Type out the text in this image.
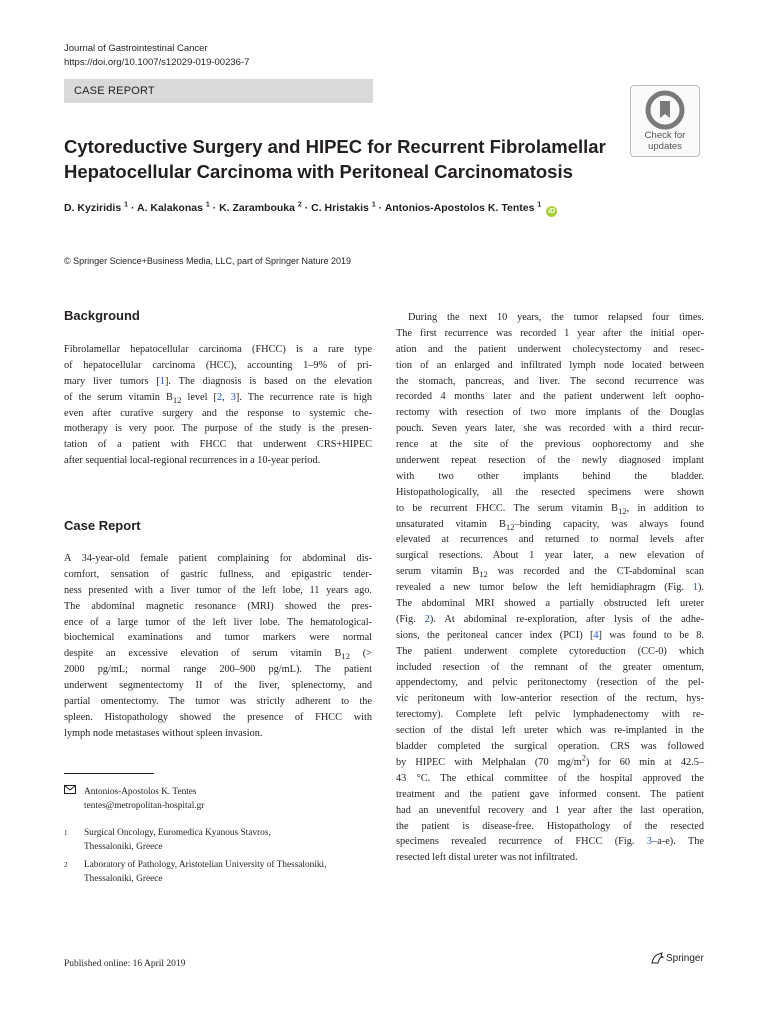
Journal of Gastrointestinal Cancer
https://doi.org/10.1007/s12029-019-00236-7
CASE REPORT
Check for
updates
Cytoreductive Surgery and HIPEC for Recurrent Fibrolamellar
Hepatocellular Carcinoma with Peritoneal Carcinomatosis
D. Kyziridis $^1$ · A. Kalakonas $^1$ · K. Zarambouka $^2$ · C. Hristakis $^1$ · Antonios-Apostolos K. Tentes $^1$ iD
© Springer Science+Business Media, LLC, part of Springer Nature 2019
Background
Fibrolamellar hepatocellular carcinoma (FHCC) is a rare type
of hepatocellular carcinoma (HCC), accounting 1–9% of pri-
mary liver tumors [1]. The diagnosis is based on the elevation
of the serum vitamin $B_{12}$ level [2, 3]. The recurrence rate is high
even after curative surgery and the response to systemic che-
motherapy is very poor. The purpose of the study is the presen-
tation of a patient with FHCC that underwent CRS+HIPEC
after sequential local-regional recurrences in a 10-year period.
Case Report
A 34-year-old female patient complaining for abdominal dis-
comfort, sensation of gastric fullness, and epigastric tender-
ness presented with a liver tumor of the left lobe, 11 years ago.
The abdominal magnetic resonance (MRI) showed the pres-
ence of a large tumor of the left liver lobe. The hematological-
biochemical examinations and tumor markers were normal
despite an excessive elevation of serum vitamin $B_{12}$ (>
2000 pg/mL; normal range 200–900 pg/mL). The patient
underwent segmentectomy II of the liver, splenectomy, and
partial omentectomy. The tumor was strictly adherent to the
spleen. Histopathology showed the presence of FHCC with
lymph node metastases without spleen invasion.
Antonios-Apostolos K. Tentes
tentes@metropolitan-hospital.gr
1 Surgical Oncology, Euromedica Kyanous Stavros,
Thessaloniki, Greece
2 Laboratory of Pathology, Aristotelian University of Thessaloniki,
Thessaloniki, Greece
During the next 10 years, the tumor relapsed four times.
The first recurrence was recorded 1 year after the initial oper-
ation and the patient underwent cholecystectomy and resec-
tion of an enlarged and infiltrated lymph node located between
the stomach, pancreas, and liver. The second recurrence was
recorded 4 months later and the patient underwent left oopho-
rectomy with resection of two more implants of the Douglas
pouch. Seven years later, she was recorded with a third recur-
rence at the site of the previous oophorectomy and she
underwent repeat resection of the newly diagnosed implant
with two other implants behind the bladder.
Histopathologically, all the resected specimens were shown
to be recurrent FHCC. The serum vitamin $B_{12}$, in addition to
unsaturated vitamin $B_{12}$–binding capacity, was always found
elevated at recurrences and returned to normal levels after
surgical resections. About 1 year later, a new elevation of
serum vitamin $B_{12}$ was recorded and the CT-abdominal scan
revealed a new tumor below the left hemidiaphragm (Fig. 1).
The abdominal MRI showed a partially obstructed left ureter
(Fig. 2). At abdominal re-exploration, after lysis of the adhe-
sions, the peritoneal cancer index (PCI) [4] was found to be 8.
The patient underwent complete cytoreduction (CC-0) which
included resection of the remnant of the greater omentum,
appendectomy, and pelvic peritonectomy (resection of the pel-
vic peritoneum with low-anterior resection of the rectum, hys-
terectomy). Complete left pelvic lymphadenectomy with re-
section of the distal left ureter which was re-implanted in the
bladder completed the surgical operation. CRS was followed
by HIPEC with Melphalan (70 $mg/m^2$) for 60 min at 42.5–
43 °C. The ethical committee of the hospital approved the
treatment and the patient gave informed consent. The patient
had an uneventful recovery and 1 year after the last operation,
the patient is disease-free. Histopathology of the resected
specimens revealed recurrence of FHCC (Fig. 3–a-e). The
resected left distal ureter was not infiltrated.
Published online: 16 April 2019	Springer
